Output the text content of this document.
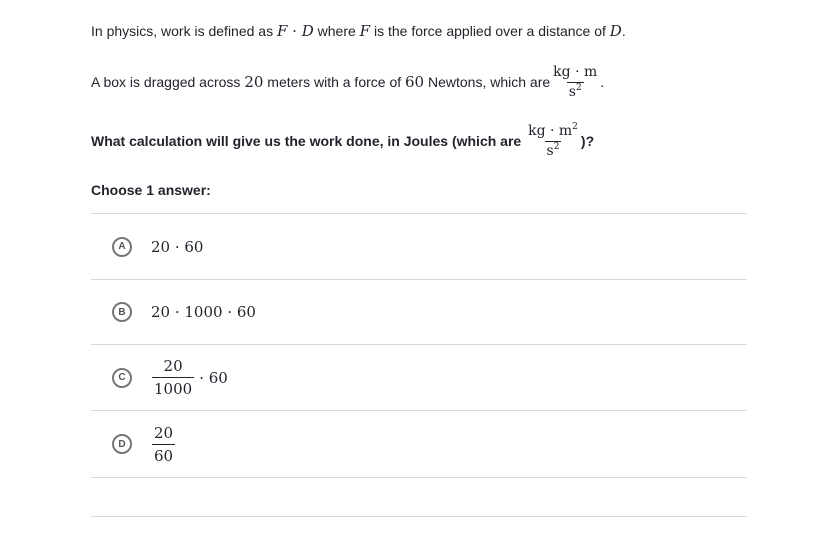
In physics, work is defined as F · D where F is the force applied over a distance of D.
A box is dragged across 20 meters with a force of 60 Newtons, which are $\frac{kg \cdot m}{s^2}$ .
What calculation will give us the work done, in Joules (which are $\frac{kg \cdot m^2}{s^2}$ )?
Choose 1 answer:
A	20 · 60
B	20 · 1000 · 60
C	$\frac{20}{1000} \cdot 60$
D	$\frac{20}{60}$
